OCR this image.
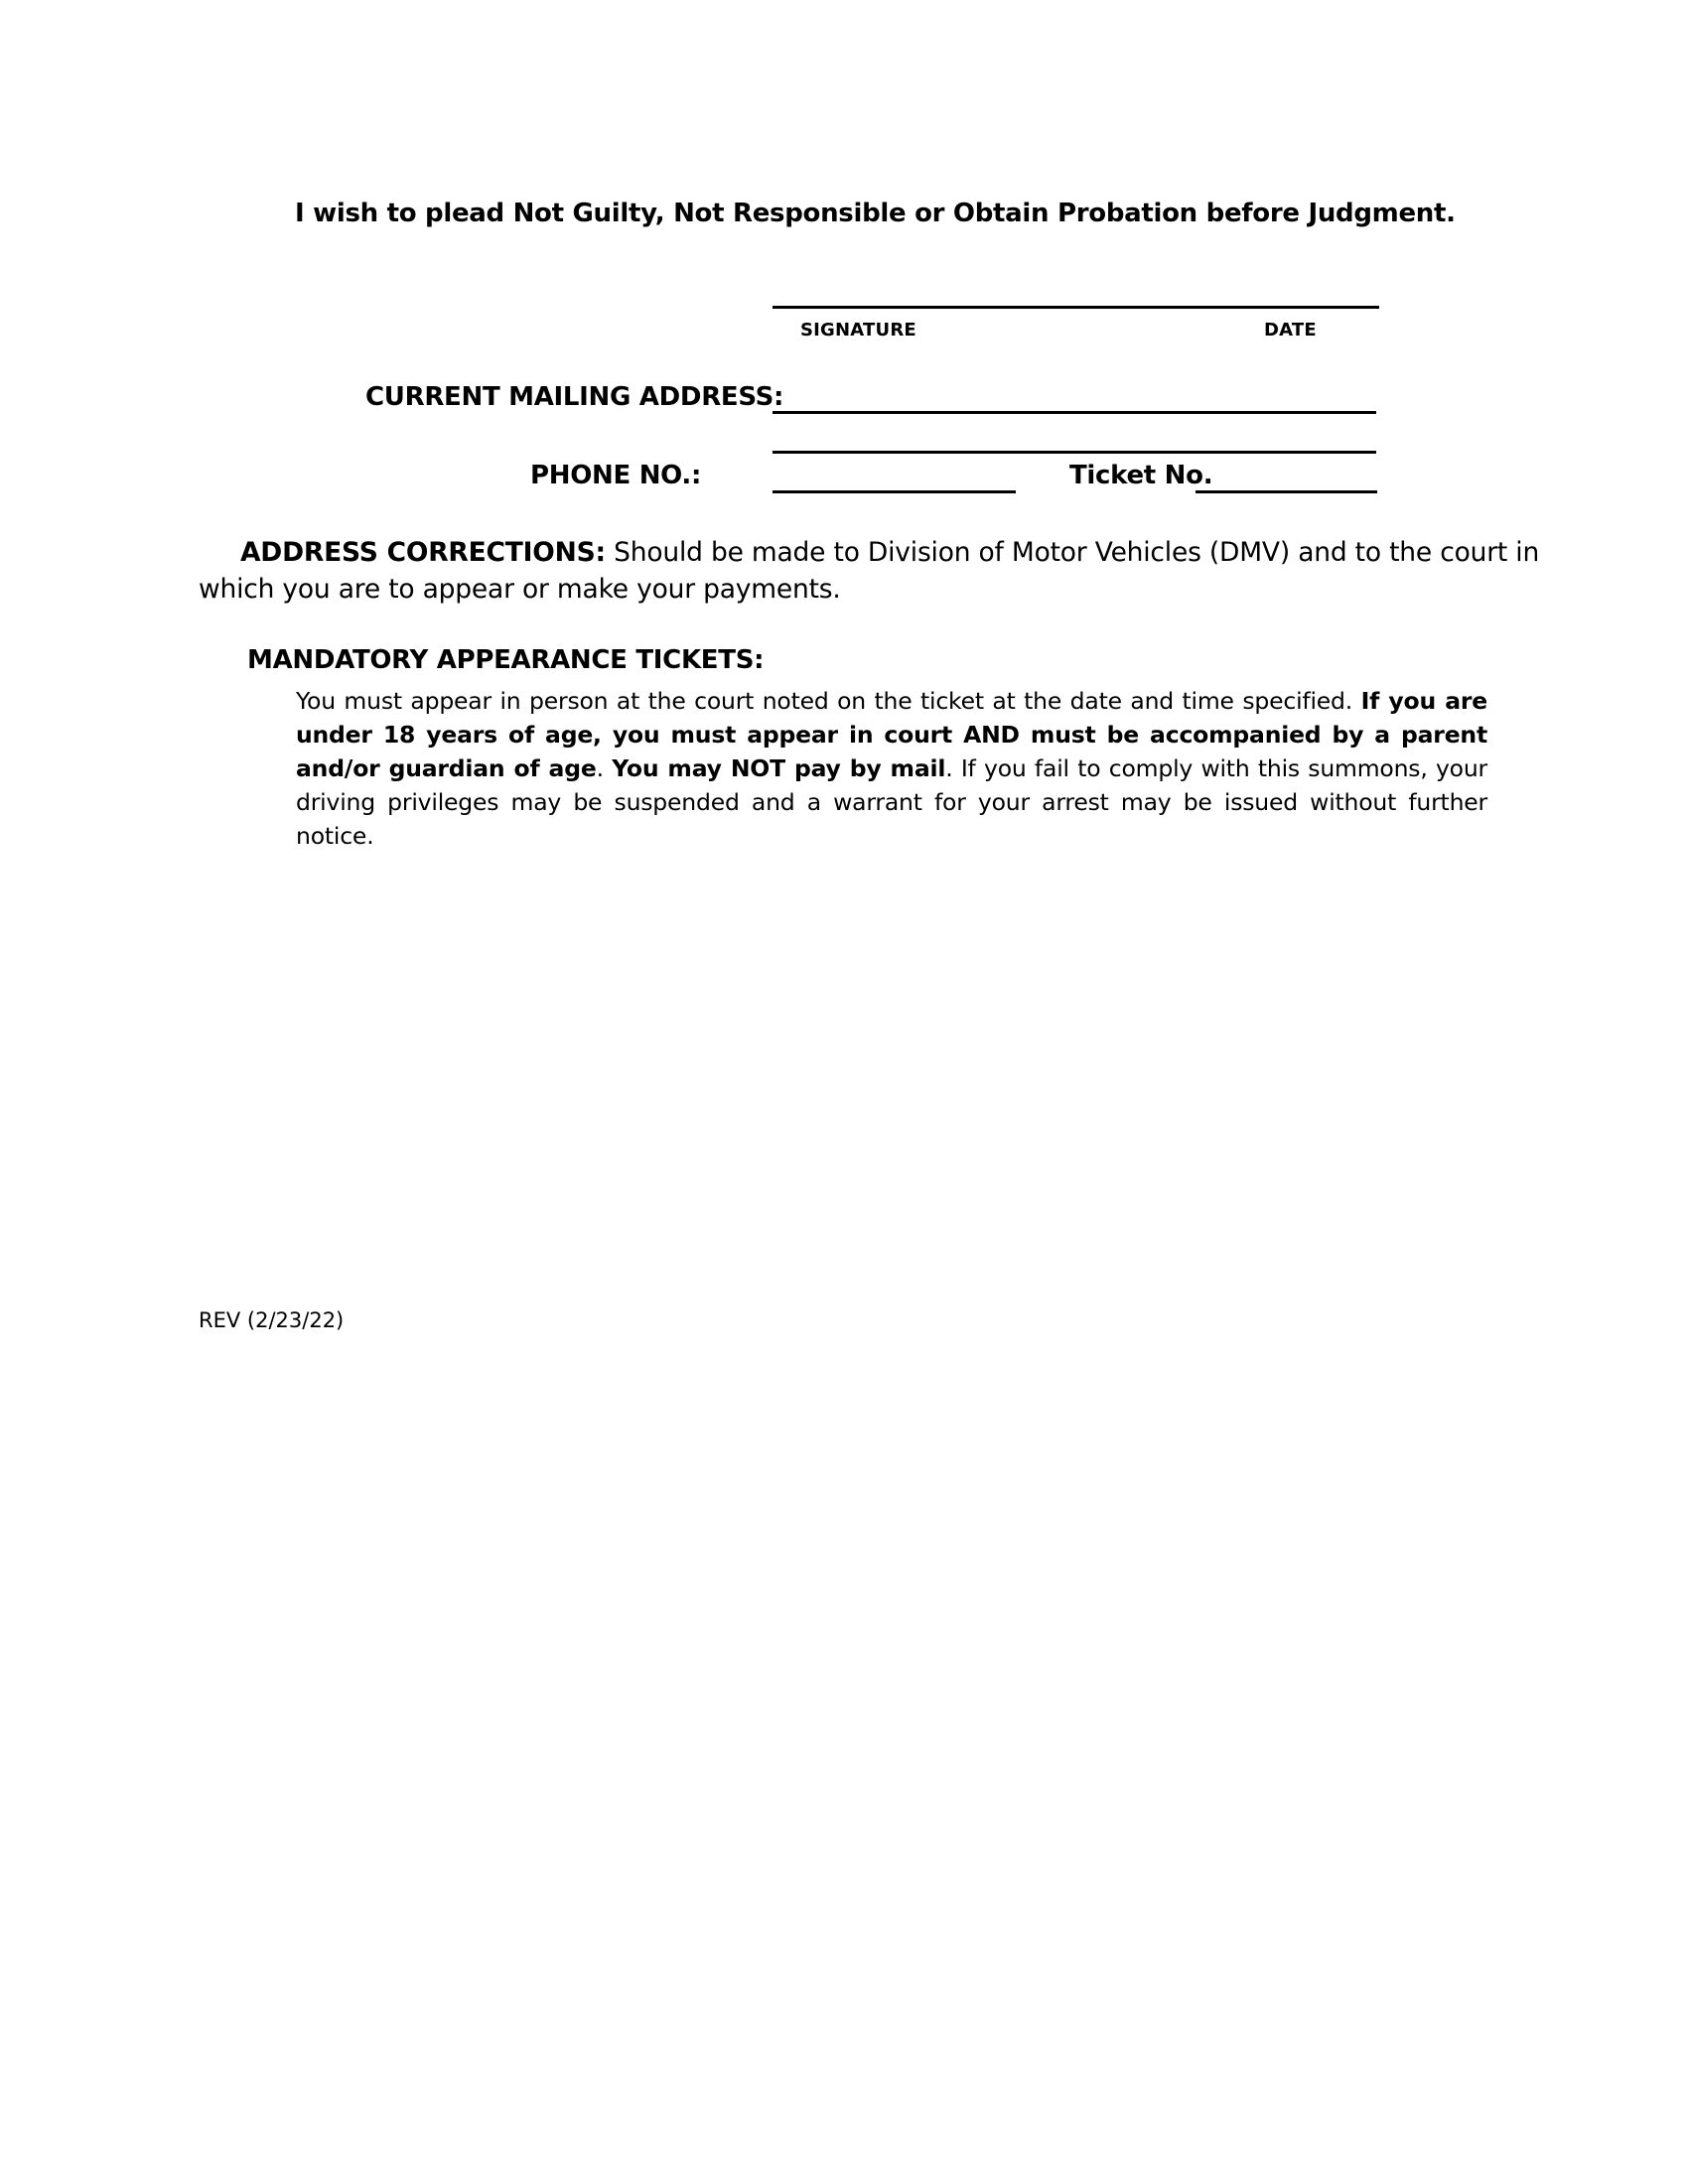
I wish to plead Not Guilty, Not Responsible or Obtain Probation before Judgment.
SIGNATURE	DATE
CURRENT MAILING ADDRESS:
PHONE NO.:	Ticket No.
ADDRESS CORRECTIONS: Should be made to Division of Motor Vehicles (DMV) and to the court in
which you are to appear or make your payments.
MANDATORY APPEARANCE TICKETS:
You must appear in person at the court noted on the ticket at the date and time specified. If you are under 18 years of age, you must appear in court AND must be accompanied by a parent and/or guardian of age. You may NOT pay by mail. If you fail to comply with this summons, your driving privileges may be suspended and a warrant for your arrest may be issued without further notice.
REV (2/23/22)
